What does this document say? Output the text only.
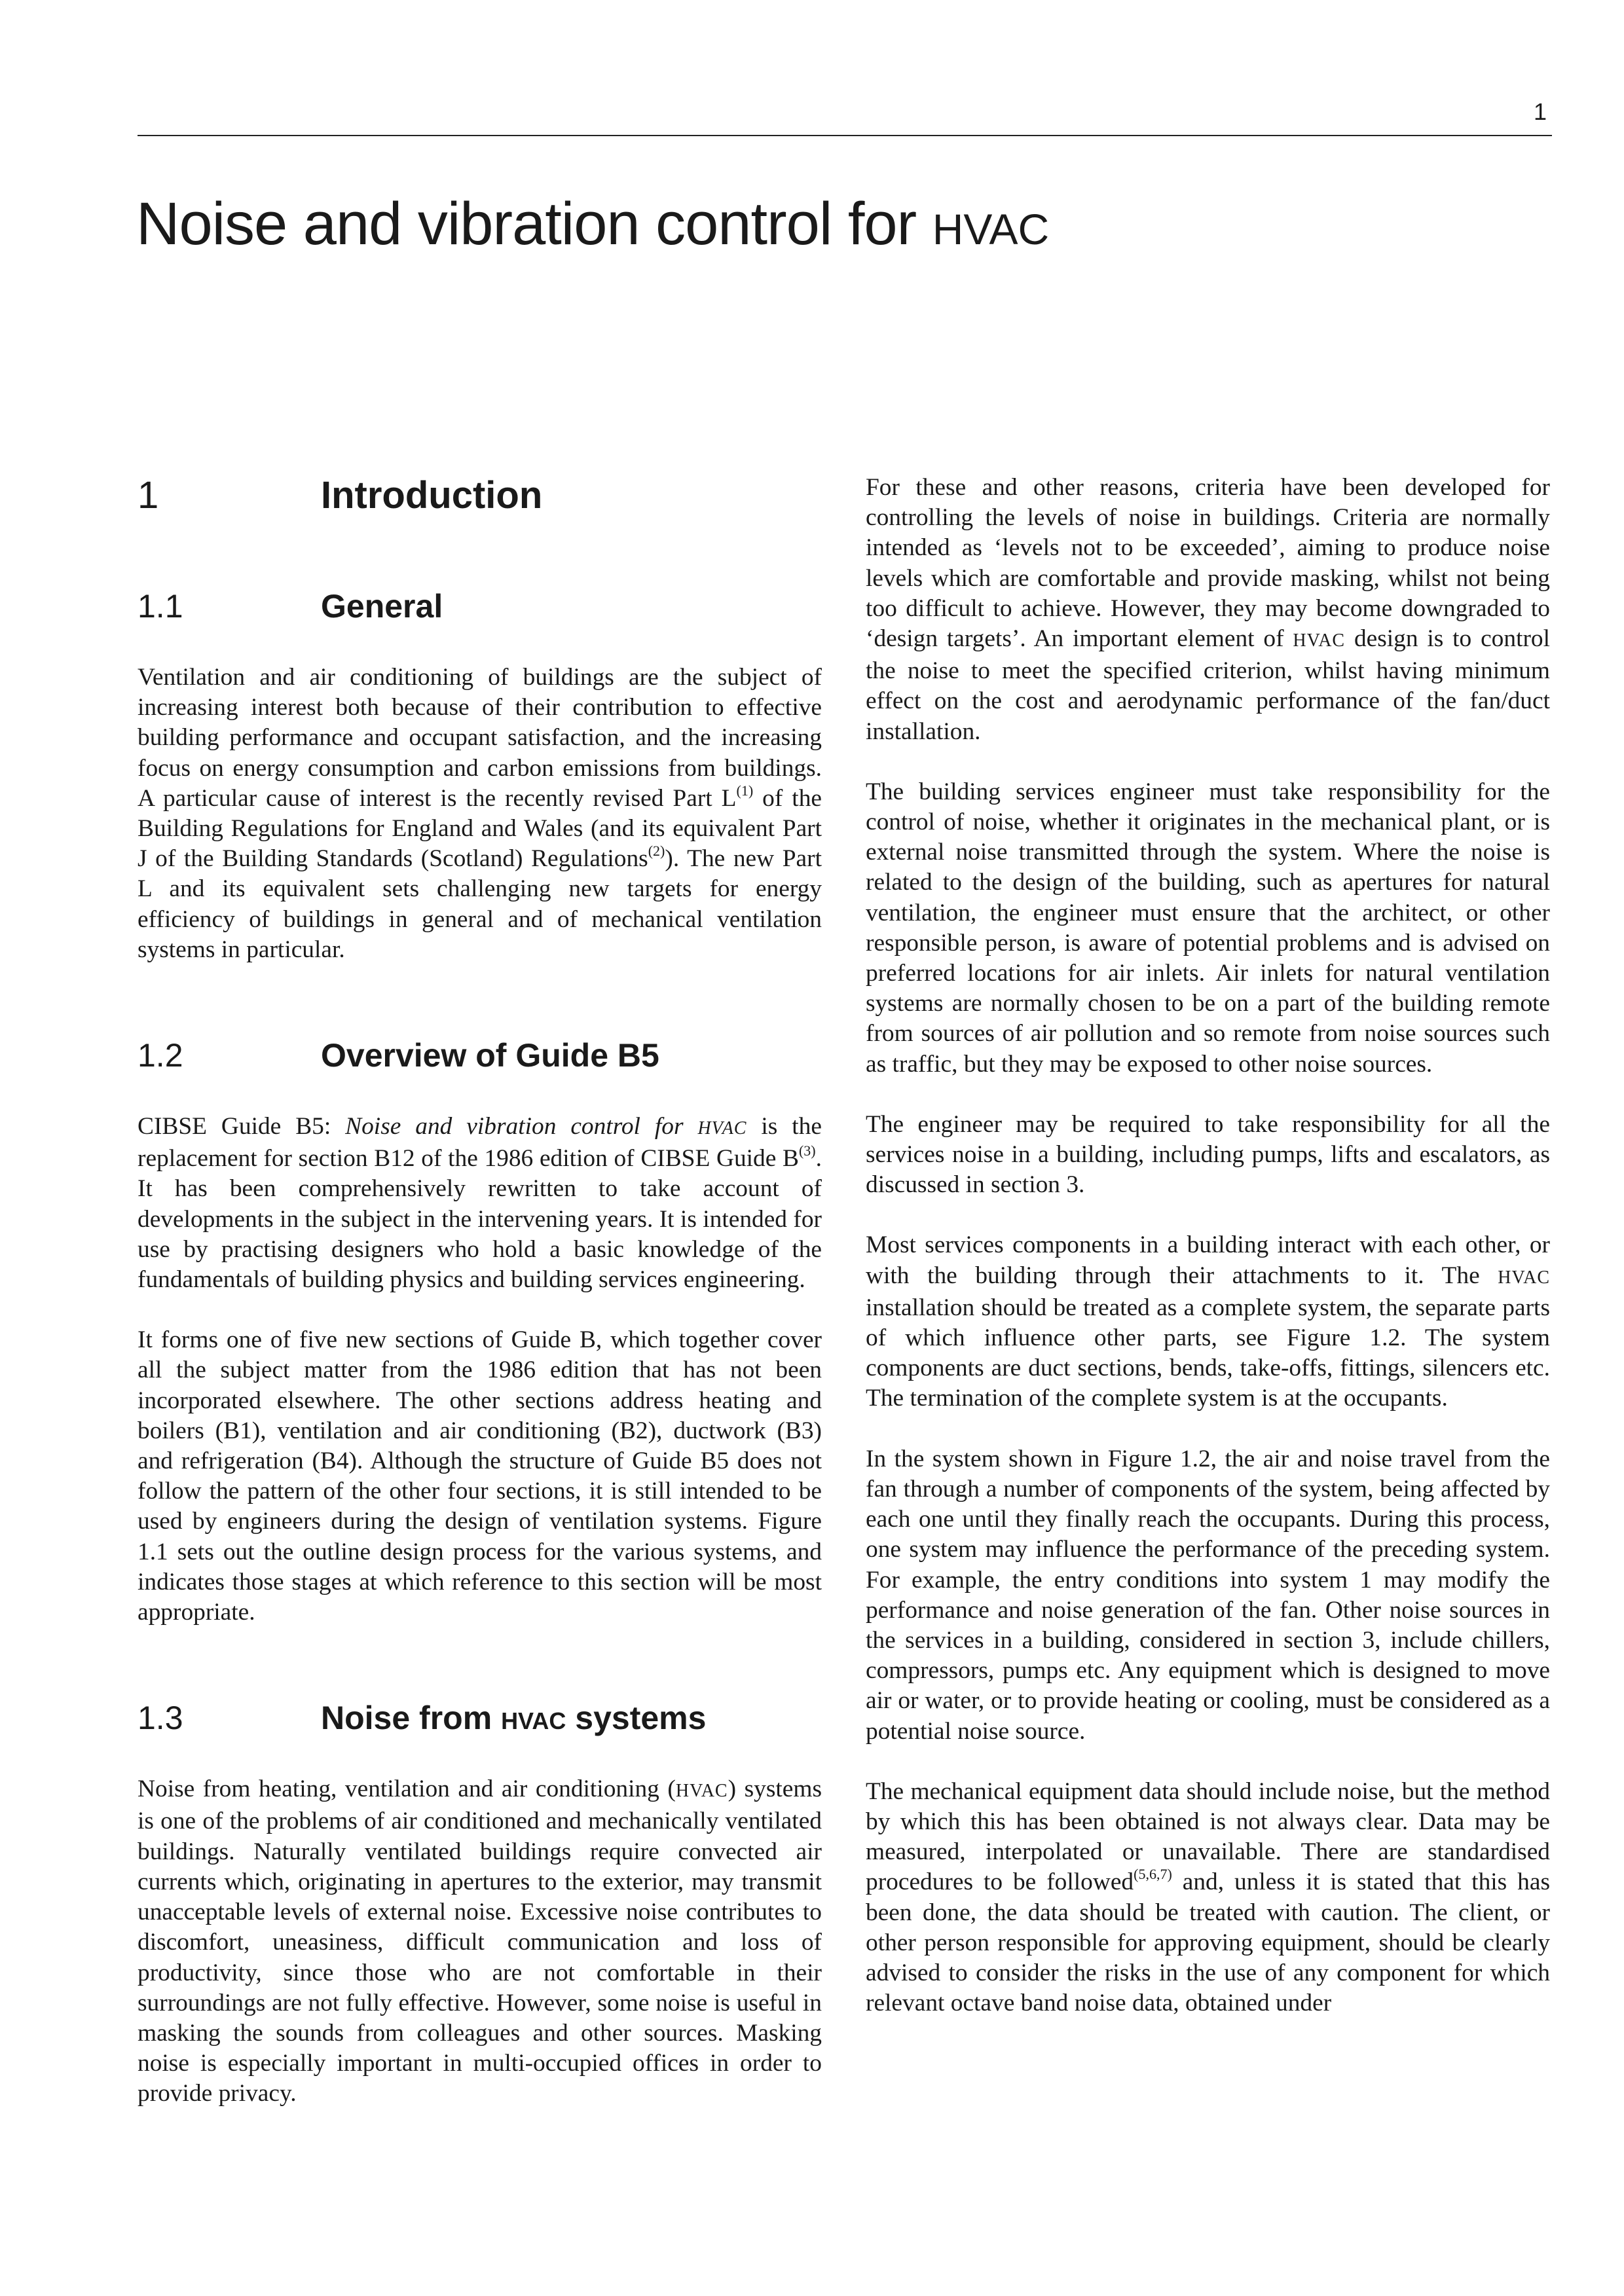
1
Noise and vibration control for HVAC
1	Introduction
1.1	General

Ventilation and air conditioning of buildings are the subject of increasing interest both because of their contribution to effective building performance and occupant satisfaction, and the increasing focus on energy consumption and carbon emissions from buildings. A particular cause of interest is the recently revised Part $L^{(1)}$ of the Building Regulations for England and Wales (and its equivalent Part J of the Building Standards (Scotland) Regulations$^{(2)}$). The new Part L and its equivalent sets challenging new targets for energy efficiency of buildings in general and of mechanical ventilation systems in particular.

1.2	Overview of Guide B5

CIBSE Guide B5: Noise and vibration control for HVAC is the replacement for section B12 of the 1986 edition of CIBSE Guide $B^{(3)}$. It has been comprehensively rewritten to take account of developments in the subject in the intervening years. It is intended for use by practising designers who hold a basic knowledge of the fundamentals of building physics and building services engineering.

It forms one of five new sections of Guide B, which together cover all the subject matter from the 1986 edition that has not been incorporated elsewhere. The other sections address heating and boilers (B1), ventilation and air conditioning (B2), ductwork (B3) and refrigeration (B4). Although the structure of Guide B5 does not follow the pattern of the other four sections, it is still intended to be used by engineers during the design of ventilation systems. Figure 1.1 sets out the outline design process for the various systems, and indicates those stages at which reference to this section will be most appropriate.

1.3	Noise from HVAC systems

Noise from heating, ventilation and air conditioning (HVAC) systems is one of the problems of air conditioned and mechanically ventilated buildings. Naturally ventilated buildings require convected air currents which, originating in apertures to the exterior, may transmit unacceptable levels of external noise. Excessive noise contributes to discomfort, uneasiness, difficult communication and loss of productivity, since those who are not comfortable in their surroundings are not fully effective. However, some noise is useful in masking the sounds from colleagues and other sources. Masking noise is especially important in multi-occupied offices in order to provide privacy.

For these and other reasons, criteria have been developed for controlling the levels of noise in buildings. Criteria are normally intended as ‘levels not to be exceeded’, aiming to produce noise levels which are comfortable and provide masking, whilst not being too difficult to achieve. However, they may become downgraded to ‘design targets’. An important element of HVAC design is to control the noise to meet the specified criterion, whilst having minimum effect on the cost and aerodynamic performance of the fan/duct installation.

The building services engineer must take responsibility for the control of noise, whether it originates in the mechanical plant, or is external noise transmitted through the system. Where the noise is related to the design of the building, such as apertures for natural ventilation, the engineer must ensure that the architect, or other responsible person, is aware of potential problems and is advised on preferred locations for air inlets. Air inlets for natural ventilation systems are normally chosen to be on a part of the building remote from sources of air pollution and so remote from noise sources such as traffic, but they may be exposed to other noise sources.

The engineer may be required to take responsibility for all the services noise in a building, including pumps, lifts and escalators, as discussed in section 3.

Most services components in a building interact with each other, or with the building through their attachments to it. The HVAC installation should be treated as a complete system, the separate parts of which influence other parts, see Figure 1.2. The system components are duct sections, bends, take-offs, fittings, silencers etc. The termination of the complete system is at the occupants.

In the system shown in Figure 1.2, the air and noise travel from the fan through a number of components of the system, being affected by each one until they finally reach the occupants. During this process, one system may influence the performance of the preceding system. For example, the entry conditions into system 1 may modify the performance and noise generation of the fan. Other noise sources in the services in a building, considered in section 3, include chillers, compressors, pumps etc. Any equipment which is designed to move air or water, or to provide heating or cooling, must be considered as a potential noise source.

The mechanical equipment data should include noise, but the method by which this has been obtained is not always clear. Data may be measured, interpolated or unavailable. There are standardised procedures to be followed$^{(5,6,7)}$ and, unless it is stated that this has been done, the data should be treated with caution. The client, or other person responsible for approving equipment, should be clearly advised to consider the risks in the use of any component for which relevant octave band noise data, obtained under
